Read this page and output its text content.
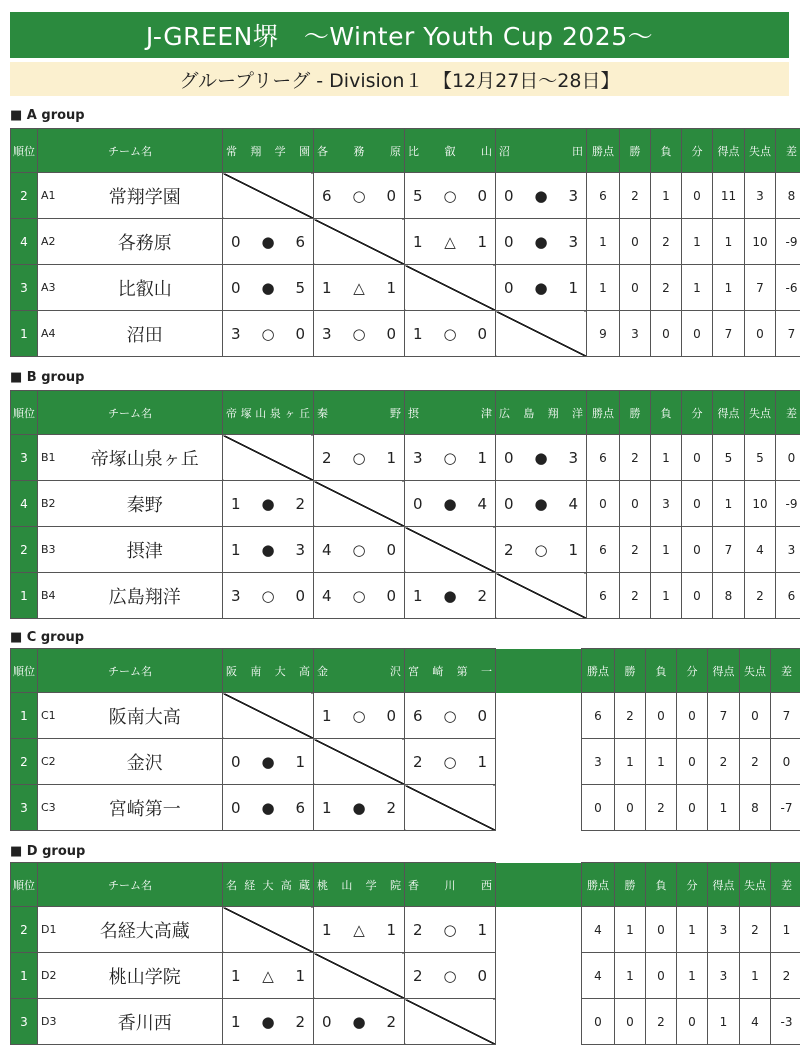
J-GREEN堺　～Winter Youth Cup 2025～
グループリーグ - Division１　【12月27日～28日】
■ A group
順位	チーム名		常翔学園	各務原	比叡山	沼田	勝点	勝	負	分	得点	失点	差
2	A1	常翔学園		6 ○ 0	5 ○ 0	0 ● 3	6	2	1	0	11	3	8
4	A2	各務原	0 ● 6		1 △ 1	0 ● 3	1	0	2	1	1	10	-9
3	A3	比叡山	0 ● 5	1 △ 1		0 ● 1	1	0	2	1	1	7	-6
1	A4	沼田	3 ○ 0	3 ○ 0	1 ○ 0		9	3	0	0	7	0	7
■ B group
順位	チーム名		帝塚山泉ヶ丘	秦野	摂津	広島翔洋	勝点	勝	負	分	得点	失点	差
3	B1	帝塚山泉ヶ丘		2 ○ 1	3 ○ 1	0 ● 3	6	2	1	0	5	5	0
4	B2	秦野	1 ● 2		0 ● 4	0 ● 4	0	0	3	0	1	10	-9
2	B3	摂津	1 ● 3	4 ○ 0		2 ○ 1	6	2	1	0	7	4	3
1	B4	広島翔洋	3 ○ 0	4 ○ 0	1 ● 2		6	2	1	0	8	2	6
■ C group
順位	チーム名		阪南大高	金沢	宮崎第一		勝点	勝	負	分	得点	失点	差
1	C1	阪南大高		1 ○ 0	6 ○ 0		6	2	0	0	7	0	7
2	C2	金沢	0 ● 1		2 ○ 1		3	1	1	0	2	2	0
3	C3	宮崎第一	0 ● 6	1 ● 2			0	0	2	0	1	8	-7
■ D group
順位	チーム名		名経大高蔵	桃山学院	香川西		勝点	勝	負	分	得点	失点	差
2	D1	名経大高蔵		1 △ 1	2 ○ 1		4	1	0	1	3	2	1
1	D2	桃山学院	1 △ 1		2 ○ 0		4	1	0	1	3	1	2
3	D3	香川西	1 ● 2	0 ● 2			0	0	2	0	1	4	-3
